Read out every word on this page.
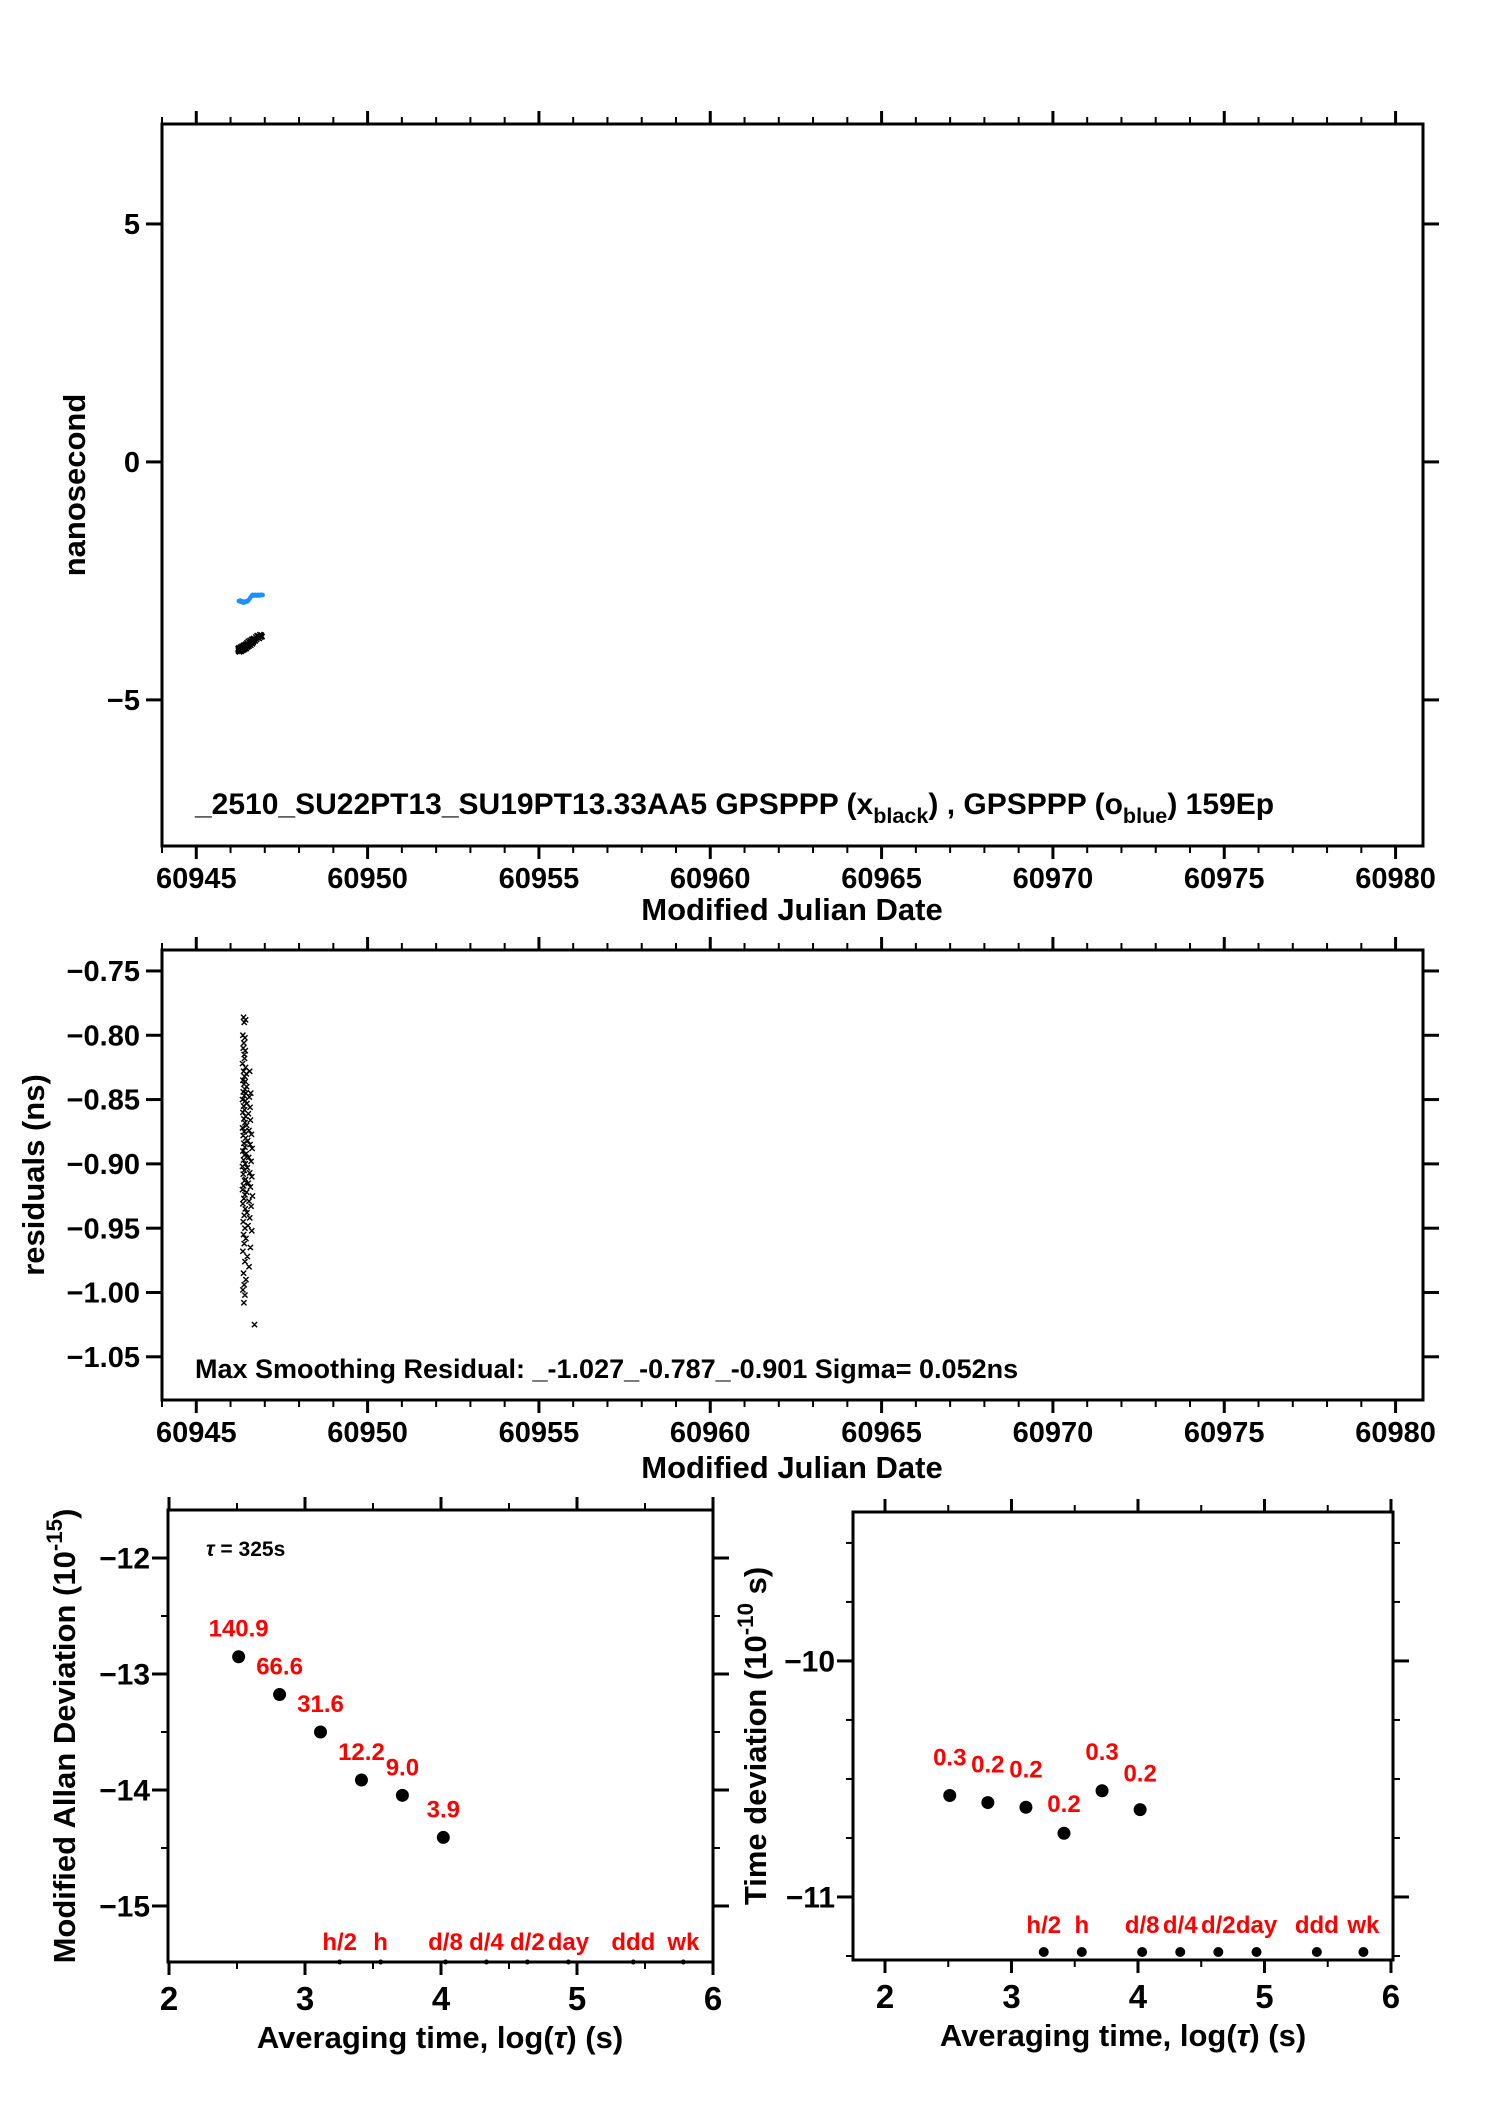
60945	60950	60955	60960	60965	60970	60975	60980
5
0
−5
Modified Julian Date
nanosecond
_2510_SU22PT13_SU19PT13.33AA5 GPSPPP $(x_{black})$ , GPSPPP $(o_{blue})$ 159Ep
60945	60950	60955	60960	60965	60970	60975	60980
−0.75
−0.80
−0.85
−0.90
−0.95
−1.00
−1.05
Modified Julian Date
residuals (ns)
Max Smoothing Residual: _-1.027_-0.787_-0.901 Sigma= 0.052ns
2	3	4	5	6
−12
−13
−14
−15
Averaging time, log(τ) (s)
Modified Allan Deviation $(10^{-15})$
τ = 325s
140.9
66.6
31.6
12.2
9.0
3.9
h/2 h d/8 d/4 d/2 day ddd wk
2	3	4	5	6
−10
−11
Averaging time, log(τ) (s)
Time deviation ($10^{-10}$ s)
0.3 0.2 0.2
0.2
0.3
0.2
h/2 h d/8 d/4 d/2 day ddd wk
